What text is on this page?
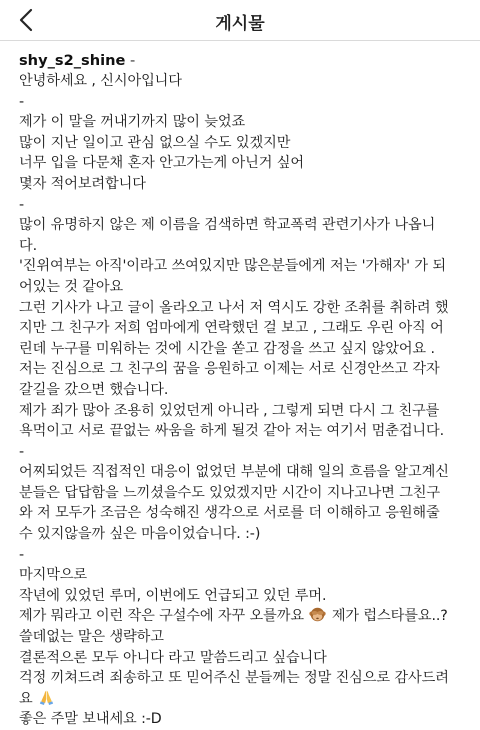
게시물
shy_s2_shine -
안녕하세요 , 신시아입니다
-
제가 이 말을 꺼내기까지 많이 늦었죠
많이 지난 일이고 관심 없으실 수도 있겠지만
너무 입을 다문채 혼자 안고가는게 아닌거 싶어
몇자 적어보려합니다
-
많이 유명하지 않은 제 이름을 검색하면 학교폭력 관련기사가 나옵니
다.
'진위여부는 아직'이라고 쓰여있지만 많은분들에게 저는 '가해자' 가 되
어있는 것 같아요
그런 기사가 나고 글이 올라오고 나서 저 역시도 강한 조취를 취하려 했
지만 그 친구가 저희 엄마에게 연락했던 걸 보고 , 그래도 우린 아직 어
린데 누구를 미워하는 것에 시간을 쏟고 감정을 쓰고 싶지 않았어요 .
저는 진심으로 그 친구의 꿈을 응원하고 이제는 서로 신경안쓰고 각자
갈길을 갔으면 했습니다.
제가 죄가 많아 조용히 있었던게 아니라 , 그렇게 되면 다시 그 친구를
욕먹이고 서로 끝없는 싸움을 하게 될것 같아 저는 여기서 멈춘겁니다.
-
어찌되었든 직접적인 대응이 없었던 부분에 대해 일의 흐름을 알고계신
분들은 답답함을 느끼셨을수도 있었겠지만 시간이 지나고나면 그친구
와 저 모두가 조금은 성숙해진 생각으로 서로를 더 이해하고 응원해줄
수 있지않을까 싶은 마음이었습니다. :-)
-
마지막으로
작년에 있었던 루머, 이번에도 언급되고 있던 루머.
제가 뭐라고 이런 작은 구설수에 자꾸 오를까요 제가 럽스타를요..?
쓸데없는 말은 생략하고
결론적으론 모두 아니다 라고 말씀드리고 싶습니다
걱정 끼쳐드려 죄송하고 또 믿어주신 분들께는 정말 진심으로 감사드려
요
좋은 주말 보내세요 :-D
